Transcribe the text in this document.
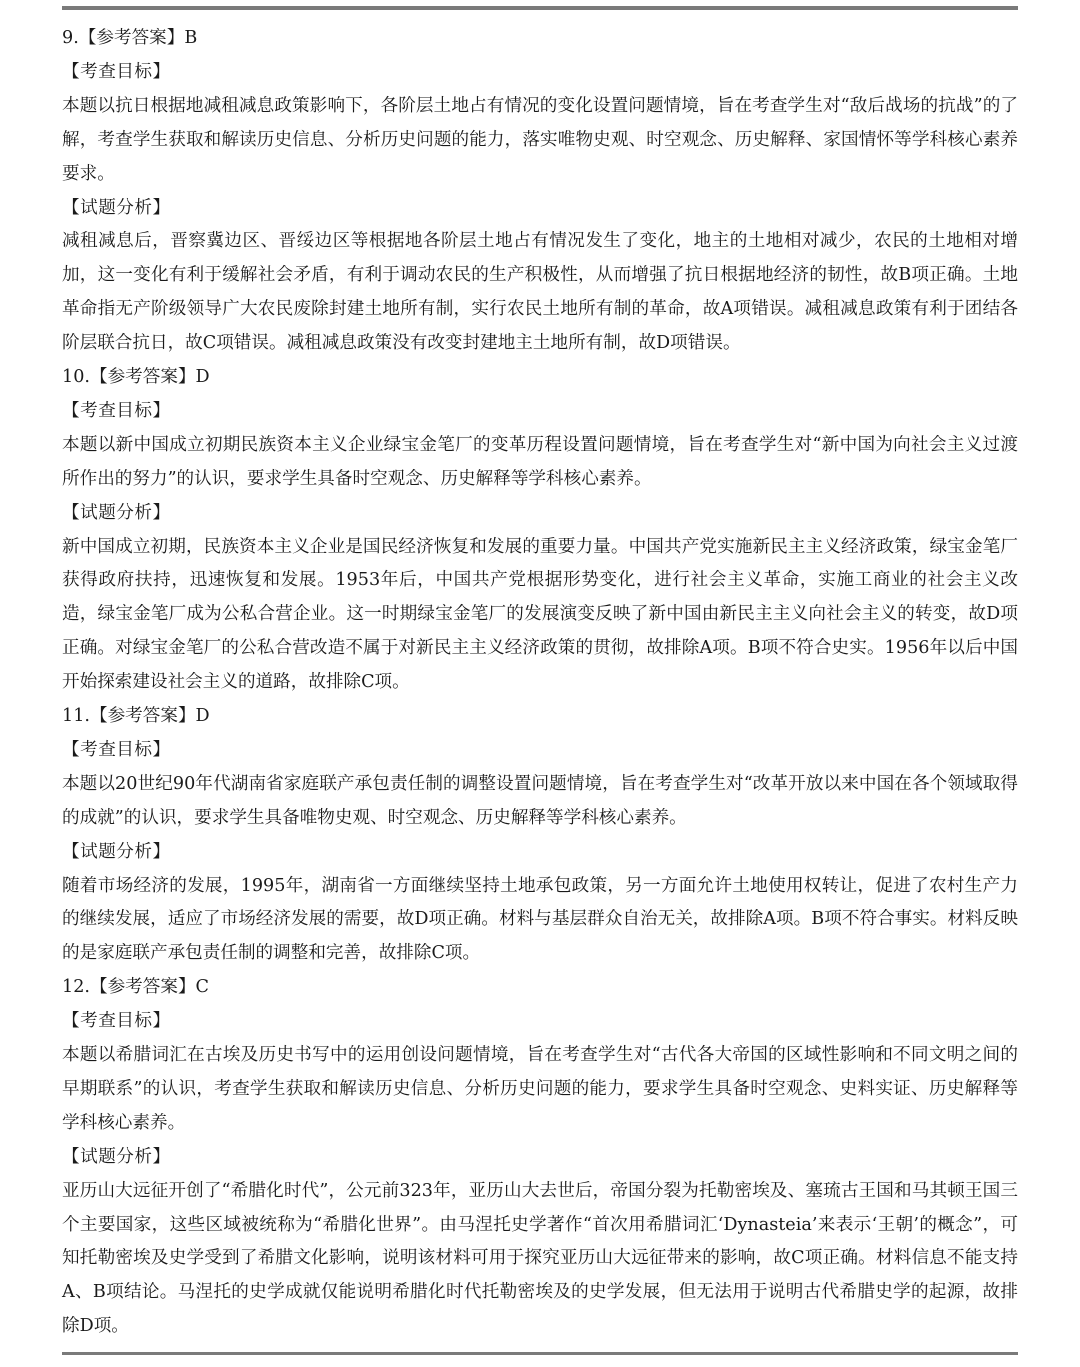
9.【参考答案】B
【考查目标】

本题以抗日根据地减租减息政策影响下，各阶层土地占有情况的变化设置问题情境，旨在考查学生对“敌后战场的抗战”的了解，考查学生获取和解读历史信息、分析历史问题的能力，落实唯物史观、时空观念、历史解释、家国情怀等学科核心素养要求。

【试题分析】

减租减息后，晋察冀边区、晋绥边区等根据地各阶层土地占有情况发生了变化，地主的土地相对减少，农民的土地相对增加，这一变化有利于缓解社会矛盾，有利于调动农民的生产积极性，从而增强了抗日根据地经济的韧性，故B项正确。土地革命指无产阶级领导广大农民废除封建土地所有制，实行农民土地所有制的革命，故A项错误。减租减息政策有利于团结各阶层联合抗日，故C项错误。减租减息政策没有改变封建地主土地所有制，故D项错误。

10.【参考答案】D
【考查目标】

本题以新中国成立初期民族资本主义企业绿宝金笔厂的变革历程设置问题情境，旨在考查学生对“新中国为向社会主义过渡所作出的努力”的认识，要求学生具备时空观念、历史解释等学科核心素养。

【试题分析】

新中国成立初期，民族资本主义企业是国民经济恢复和发展的重要力量。中国共产党实施新民主主义经济政策，绿宝金笔厂获得政府扶持，迅速恢复和发展。1953年后，中国共产党根据形势变化，进行社会主义革命，实施工商业的社会主义改造，绿宝金笔厂成为公私合营企业。这一时期绿宝金笔厂的发展演变反映了新中国由新民主主义向社会主义的转变，故D项正确。对绿宝金笔厂的公私合营改造不属于对新民主主义经济政策的贯彻，故排除A项。B项不符合史实。1956年以后中国开始探索建设社会主义的道路，故排除C项。

11.【参考答案】D
【考查目标】

本题以20世纪90年代湖南省家庭联产承包责任制的调整设置问题情境，旨在考查学生对“改革开放以来中国在各个领域取得的成就”的认识，要求学生具备唯物史观、时空观念、历史解释等学科核心素养。

【试题分析】

随着市场经济的发展，1995年，湖南省一方面继续坚持土地承包政策，另一方面允许土地使用权转让，促进了农村生产力的继续发展，适应了市场经济发展的需要，故D项正确。材料与基层群众自治无关，故排除A项。B项不符合事实。材料反映的是家庭联产承包责任制的调整和完善，故排除C项。

12.【参考答案】C
【考查目标】

本题以希腊词汇在古埃及历史书写中的运用创设问题情境，旨在考查学生对“古代各大帝国的区域性影响和不同文明之间的早期联系”的认识，考查学生获取和解读历史信息、分析历史问题的能力，要求学生具备时空观念、史料实证、历史解释等学科核心素养。

【试题分析】

亚历山大远征开创了“希腊化时代”，公元前323年，亚历山大去世后，帝国分裂为托勒密埃及、塞琉古王国和马其顿王国三个主要国家，这些区域被统称为“希腊化世界”。由马涅托史学著作“首次用希腊词汇‘Dynasteia’来表示‘王朝’的概念”，可知托勒密埃及史学受到了希腊文化影响，说明该材料可用于探究亚历山大远征带来的影响，故C项正确。材料信息不能支持A、B项结论。马涅托的史学成就仅能说明希腊化时代托勒密埃及的史学发展，但无法用于说明古代希腊史学的起源，故排除D项。
